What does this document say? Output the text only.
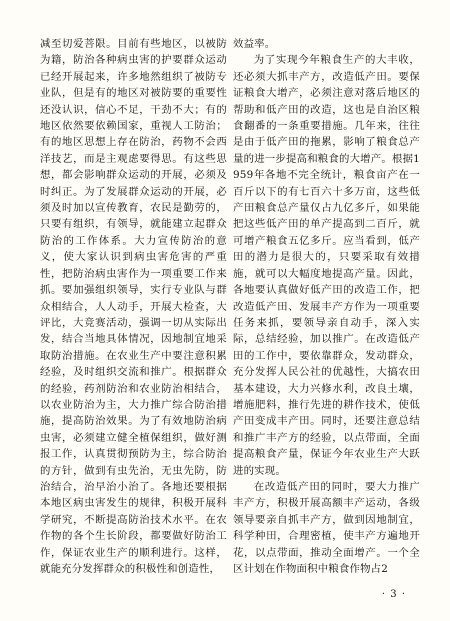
减至切爱菩限。目前有些地区，以被防为籍，防治各种病虫害的护要群众运动已经开展起来，许多地然组织了被防专业队，但是有的地区对被防要的重要性还没认识，信心不足，干劲不大；有的地区依然要依赖国家，重视人工防治；有的地区思想上存在防治，药物不会西洋技艺，而是主观虑要得思。有这些思想，都会影响群众运动的开展，必须及时纠正。为了发展群众运动的开展，必须及时加以宣传教育，农民是勤劳的，只要有组织，有领导，就能建立起群众防治的工作体系。大力宣传防治的意义，使大家认识到病虫害危害的严重性，把防治病虫害作为一项重要工作来抓。要加强组织领导，实行专业队与群众相结合，人人动手，开展大检查，大评比，大竞赛活动，强调一切从实际出发，结合当地具体情况，因地制宜地采取防治措施。在农业生产中要注意积累经验，及时组织交流和推广。根据群众的经验，药剂防治和农业防治相结合，以农业防治为主，大力推广综合防治措施，提高防治效果。为了有效地防治病虫害，必须建立健全植保组织，做好测报工作，认真贯彻预防为主，综合防治的方针，做到有虫先治，无虫先防，防治结合，治早治小治了。各地还要根据本地区病虫害发生的规律，积极开展科学研究，不断提高防治技术水平。在农作物的各个生长阶段，都要做好防治工作，保证农业生产的顺利进行。这样，就能充分发挥群众的积极性和创造性，

效益率。

为了实现今年粮食生产的大丰收，还必须大抓丰产方，改造低产田。要保证粮食大增产，必须注意对落后地区的帮助和低产田的改造，这也是自治区粮食翻番的一条重要措施。几年来，往往是由于低产田的拖累，影响了粮食总产量的进一步提高和粮食的大增产。根据1959年各地不完全统计，粮食亩产在一百斤以下的有七百六十多万亩，这些低产田粮食总产量仅占九亿多斤，如果能把这些低产田的单产提高到二百斤，就可增产粮食五亿多斤。应当看到，低产田的潜力是很大的，只要采取有效措施，就可以大幅度地提高产量。因此，各地要认真做好低产田的改造工作，把改造低产田、发展丰产方作为一项重要任务来抓，要领导亲自动手，深入实际，总结经验，加以推广。在改造低产田的工作中，要依靠群众，发动群众，充分发挥人民公社的优越性，大搞农田基本建设，大力兴修水利，改良土壤，增施肥料，推行先进的耕作技术，使低产田变成丰产田。同时，还要注意总结和推广丰产方的经验，以点带面，全面提高粮食产量，保证今年农业生产大跃进的实现。

在改造低产田的同时，要大力推广丰产方，积极开展高额丰产运动，各级领导要亲自抓丰产方，做到因地制宜，科学种田，合理密植，使丰产方遍地开花，以点带面，推动全面增产。一个全区计划在作物面积中粮食作物占2

· 3 ·
